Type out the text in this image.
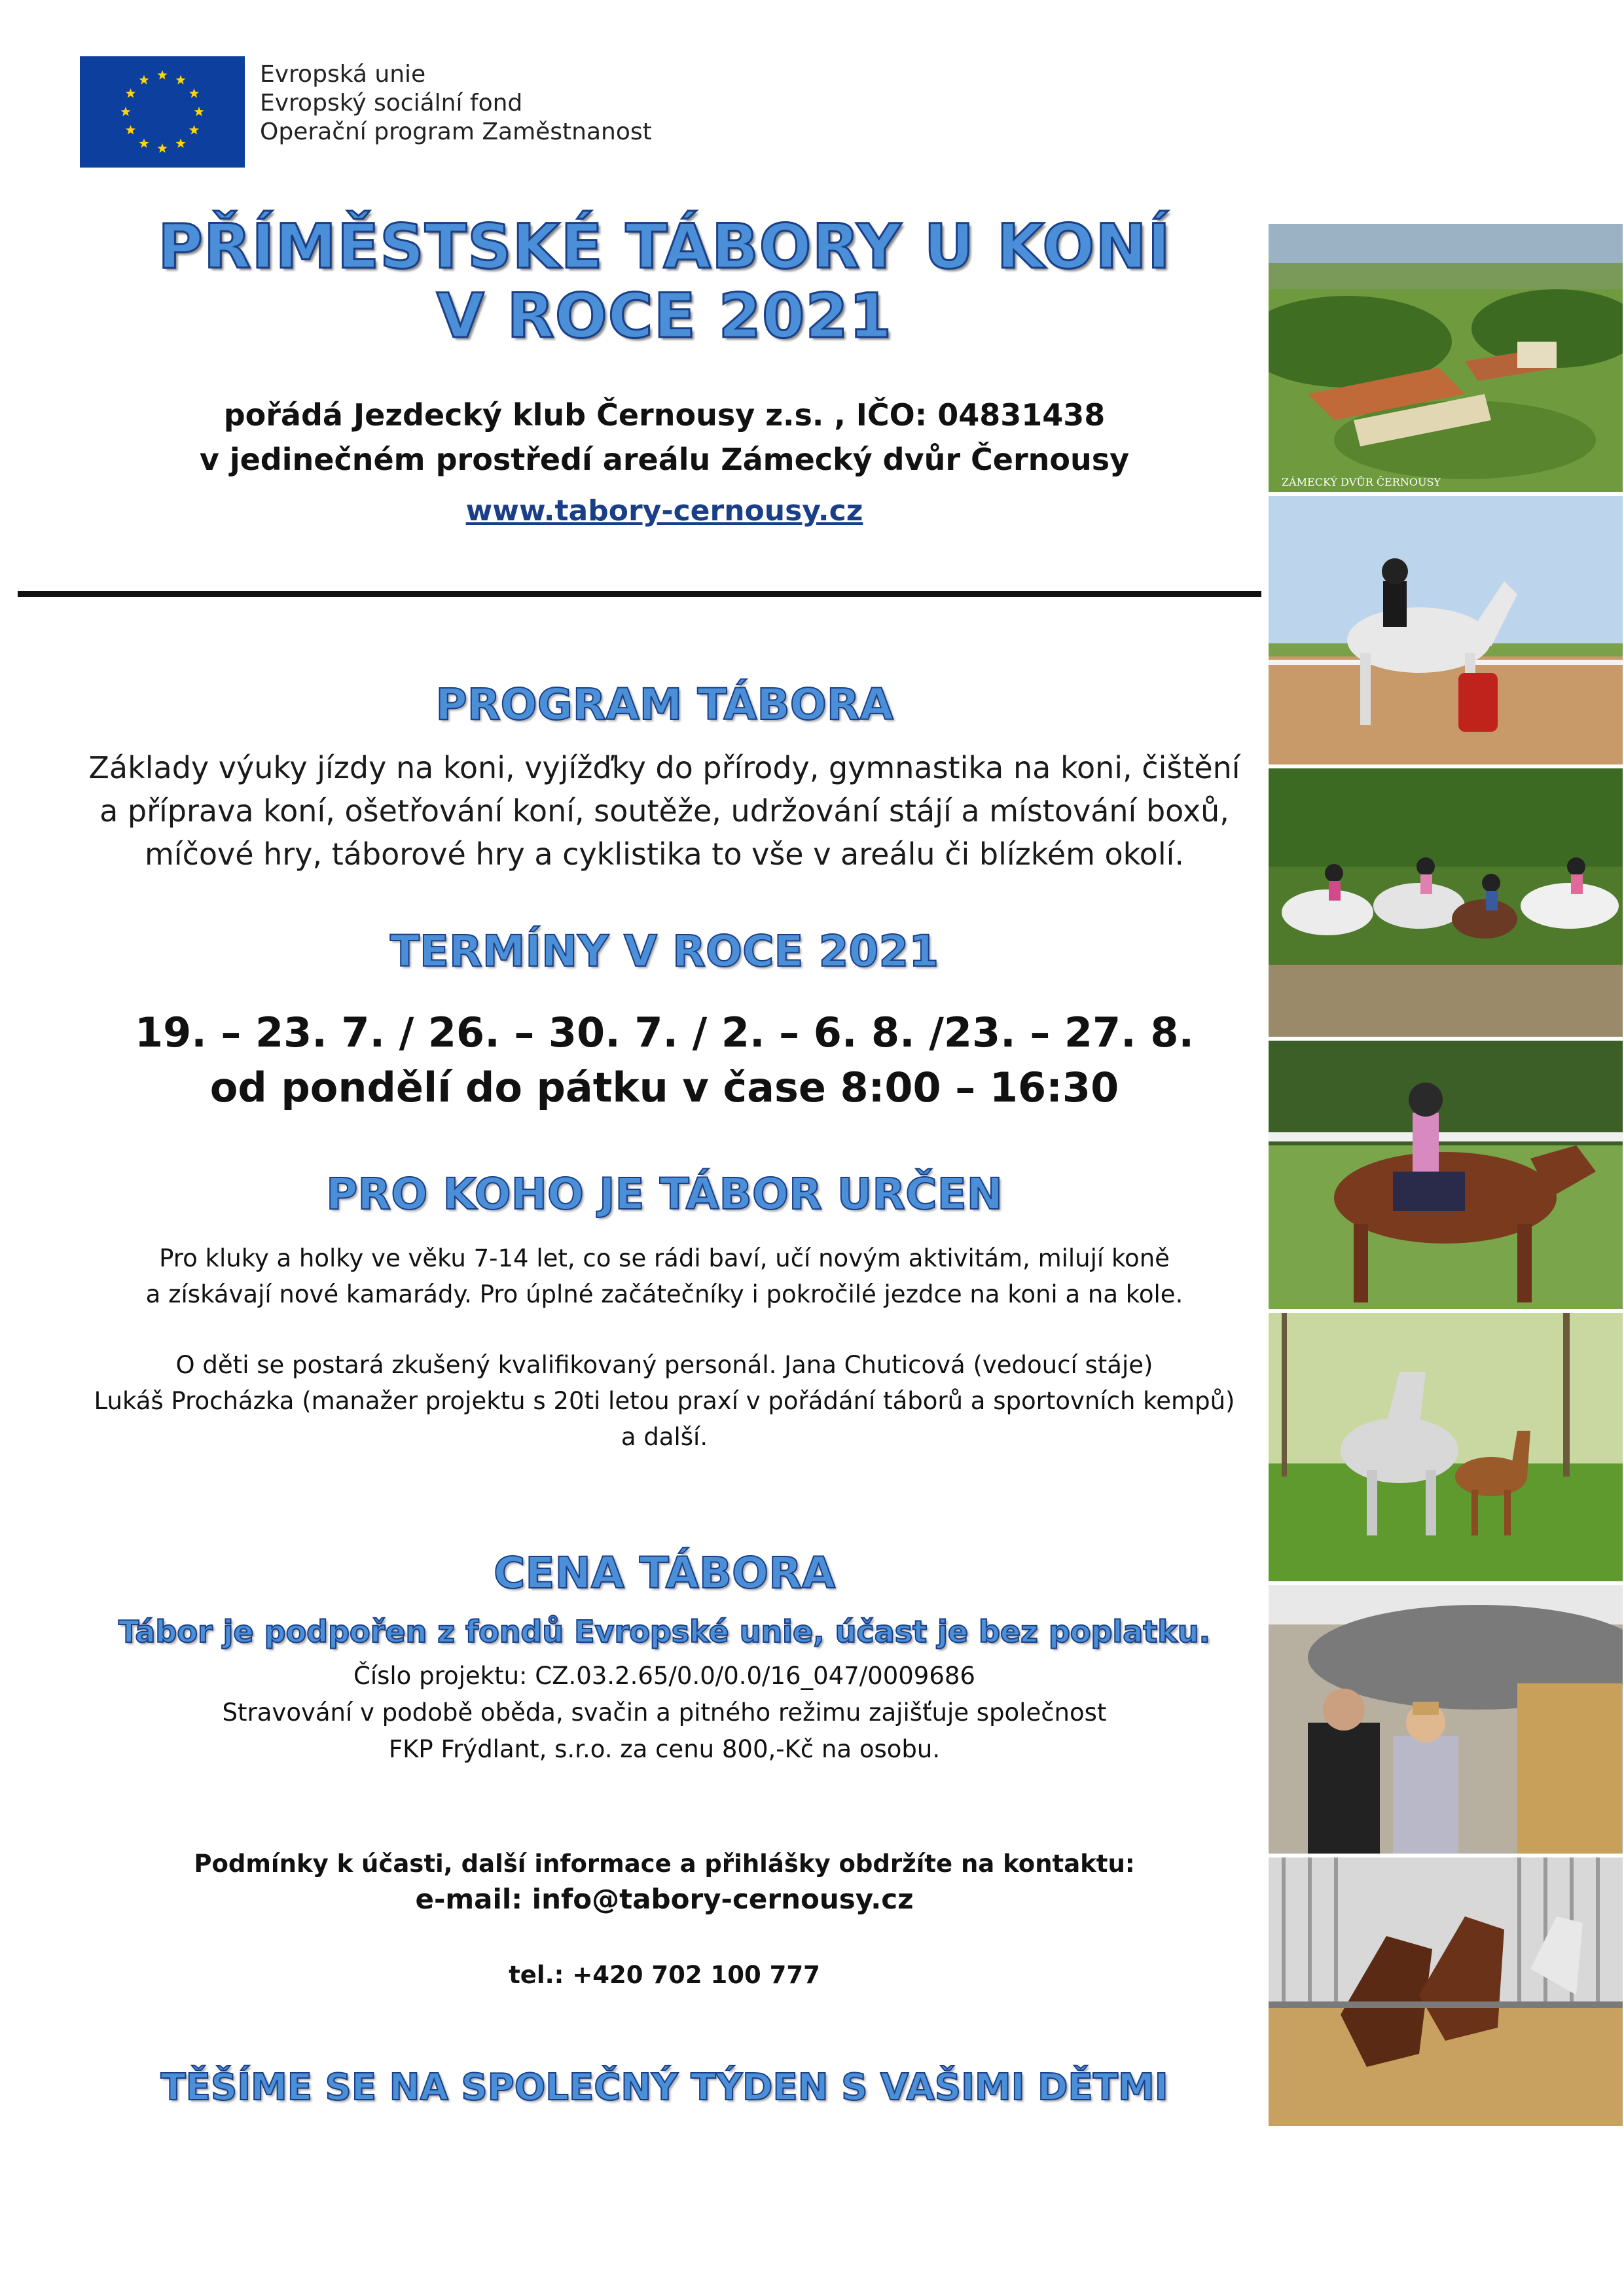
Evropská unie
Evropský sociální fond
Operační program Zaměstnanost
PŘÍMĚSTSKÉ TÁBORY U KONÍ
V ROCE 2021
pořádá Jezdecký klub Černousy z.s. , IČO: 04831438
v jedinečném prostředí areálu Zámecký dvůr Černousy
www.tabory-cernousy.cz
PROGRAM TÁBORA
Základy výuky jízdy na koni, vyjížďky do přírody, gymnastika na koni, čištění
a příprava koní, ošetřování koní, soutěže, udržování stájí a místování boxů,
míčové hry, táborové hry a cyklistika to vše v areálu či blízkém okolí.
TERMÍNY V ROCE 2021
19. – 23. 7. / 26. – 30. 7. / 2. – 6. 8. /23. – 27. 8.
od pondělí do pátku v čase 8:00 – 16:30
PRO KOHO JE TÁBOR URČEN
Pro kluky a holky ve věku 7-14 let, co se rádi baví, učí novým aktivitám, milují koně
a získávají nové kamarády. Pro úplné začátečníky i pokročilé jezdce na koni a na kole.
O děti se postará zkušený kvalifikovaný personál. Jana Chuticová (vedoucí stáje)
Lukáš Procházka (manažer projektu s 20ti letou praxí v pořádání táborů a sportovních kempů)
a další.
CENA TÁBORA
Tábor je podpořen z fondů Evropské unie, účast je bez poplatku.
Číslo projektu: CZ.03.2.65/0.0/0.0/16_047/0009686
Stravování v podobě oběda, svačin a pitného režimu zajišťuje společnost
FKP Frýdlant, s.r.o. za cenu 800,-Kč na osobu.
Podmínky k účasti, další informace a přihlášky obdržíte na kontaktu:
e-mail: info@tabory-cernousy.cz
tel.: +420 702 100 777
TĚŠÍME SE NA SPOLEČNÝ TÝDEN S VAŠIMI DĚTMI
ZÁMECKÝ DVŮR ČERNOUSY
